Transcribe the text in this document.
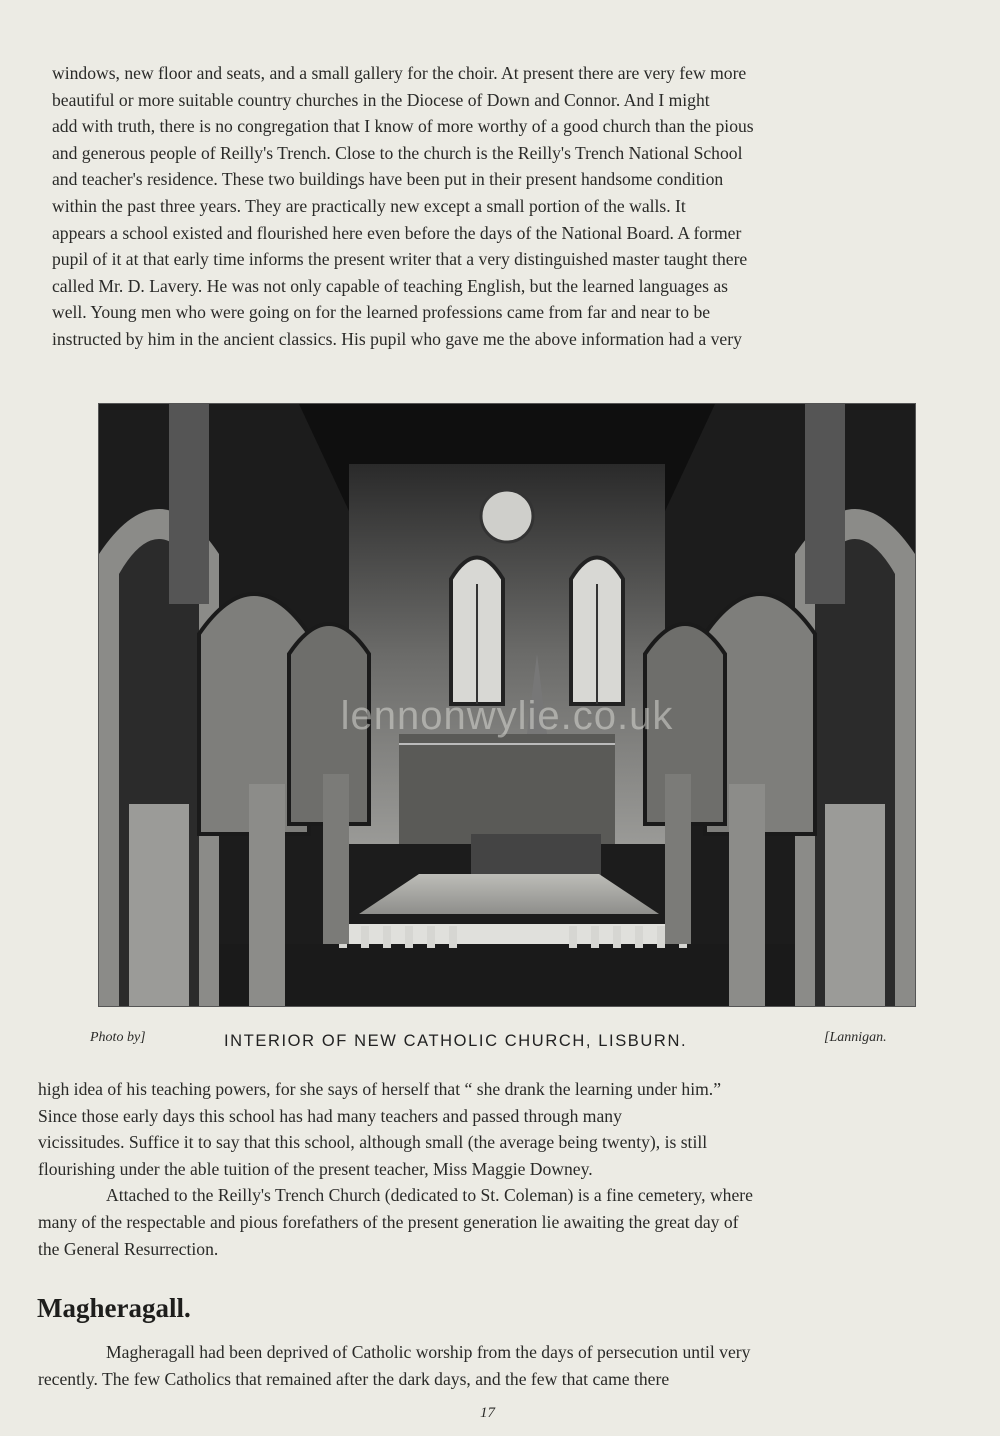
windows, new floor and seats, and a small gallery for the choir. At present there are very few more

beautiful or more suitable country churches in the Diocese of Down and Connor. And I might

add with truth, there is no congregation that I know of more worthy of a good church than the pious

and generous people of Reilly's Trench. Close to the church is the Reilly's Trench National School

and teacher's residence. These two buildings have been put in their present handsome condition

within the past three years. They are practically new except a small portion of the walls. It

appears a school existed and flourished here even before the days of the National Board. A former

pupil of it at that early time informs the present writer that a very distinguished master taught there

called Mr. D. Lavery. He was not only capable of teaching English, but the learned languages as

well. Young men who were going on for the learned professions came from far and near to be

instructed by him in the ancient classics. His pupil who gave me the above information had a very

lennonwylie.co.uk
Photo by]	INTERIOR OF NEW CATHOLIC CHURCH, LISBURN.	[Lannigan.

high idea of his teaching powers, for she says of herself that “ she drank the learning under him.”

Since those early days this school has had many teachers and passed through many

vicissitudes. Suffice it to say that this school, although small (the average being twenty), is still

flourishing under the able tuition of the present teacher, Miss Maggie Downey.

Attached to the Reilly's Trench Church (dedicated to St. Coleman) is a fine cemetery, where

many of the respectable and pious forefathers of the present generation lie awaiting the great day of

the General Resurrection.

Magheragall.

Magheragall had been deprived of Catholic worship from the days of persecution until very

recently. The few Catholics that remained after the dark days, and the few that came there

17
